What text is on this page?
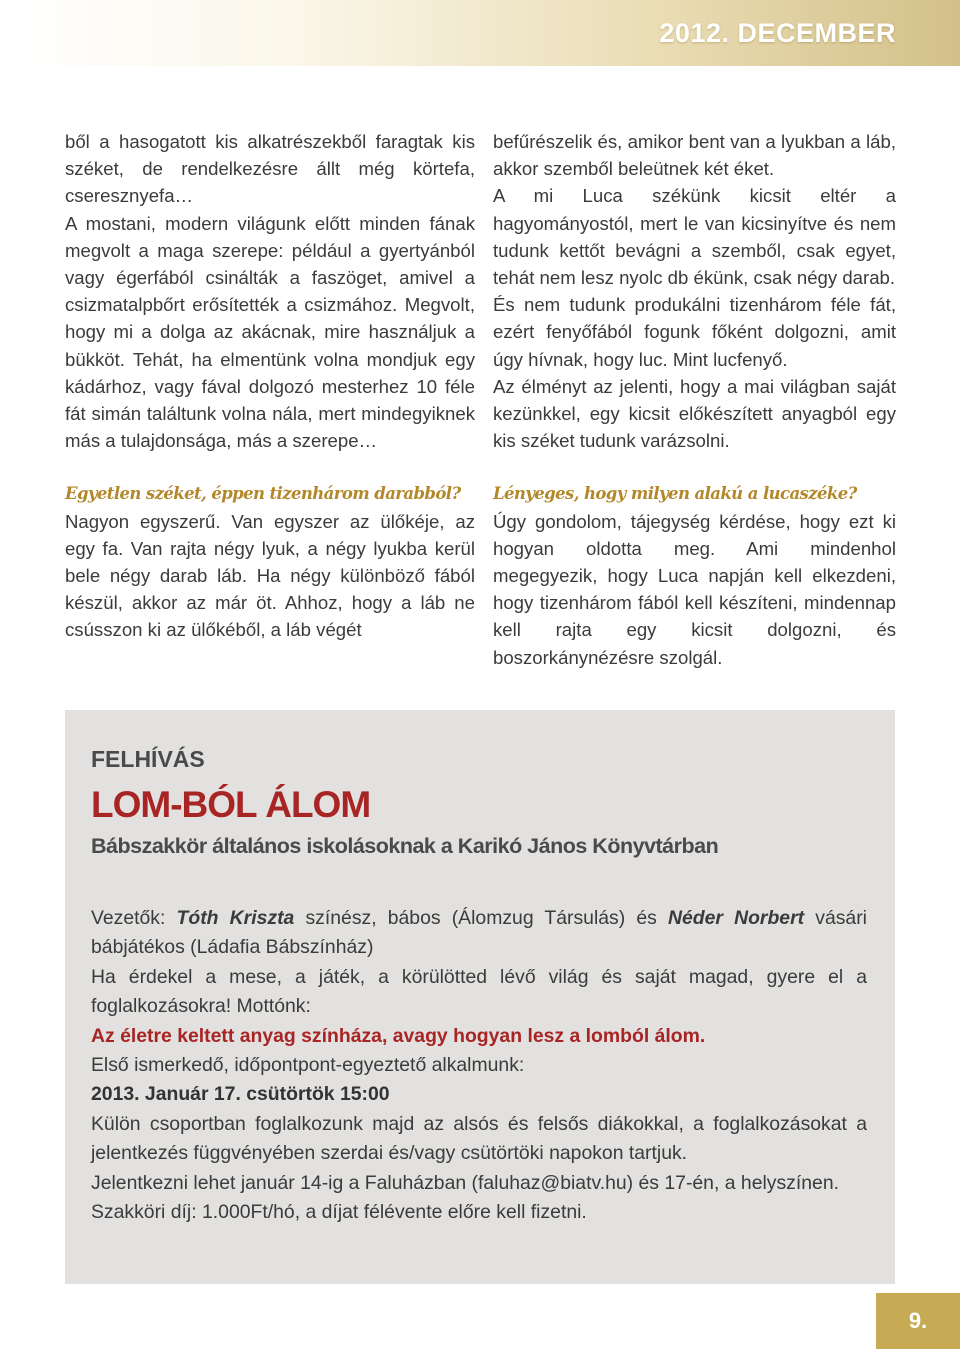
2012. DECEMBER

ből a hasogatott kis alkatrészekből faragtak kis széket, de rendelkezésre állt még körtefa, cseresznyefa…

A mostani, modern világunk előtt minden fának megvolt a maga szerepe: például a gyertyánból vagy égerfából csinálták a faszöget, amivel a csizmatalpbőrt erősítették a csizmához. Megvolt, hogy mi a dolga az akácnak, mire használjuk a bükköt. Tehát, ha elmentünk volna mondjuk egy kádárhoz, vagy fával dolgozó mesterhez 10 féle fát simán találtunk volna nála, mert mindegyiknek más a tulajdonsága, más a szerepe…

Egyetlen széket, éppen tizenhárom darabból?

Nagyon egyszerű. Van egyszer az ülőkéje, az egy fa. Van rajta négy lyuk, a négy lyukba kerül bele négy darab láb. Ha négy különböző fából készül, akkor az már öt. Ahhoz, hogy a láb ne csússzon ki az ülőkéből, a láb végét

befűrészelik és, amikor bent van a lyukban a láb, akkor szemből beleütnek két éket.

A mi Luca székünk kicsit eltér a hagyományostól, mert le van kicsinyítve és nem tudunk kettőt bevágni a szemből, csak egyet, tehát nem lesz nyolc db ékünk, csak négy darab.

És nem tudunk produkálni tizenhárom féle fát, ezért fenyőfából fogunk főként dolgozni, amit úgy hívnak, hogy luc. Mint lucfenyő.

Az élményt az jelenti, hogy a mai világban saját kezünkkel, egy kicsit előkészített anyagból egy kis széket tudunk varázsolni.

Lényeges, hogy milyen alakú a lucaszéke?

Úgy gondolom, tájegység kérdése, hogy ezt ki hogyan oldotta meg. Ami mindenhol megegyezik, hogy Luca napján kell elkezdeni, hogy tizenhárom fából kell készíteni, mindennap kell rajta egy kicsit dolgozni, és boszorkánynézésre szolgál.

FELHÍVÁS
LOM-BÓL ÁLOM
Bábszakkör általános iskolásoknak a Karikó János Könyvtárban

Vezetők: Tóth Kriszta színész, bábos (Álomzug Társulás) és Néder Norbert vásári bábjátékos (Ládafia Bábszínház)

Ha érdekel a mese, a játék, a körülötted lévő világ és saját magad, gyere el a foglalkozásokra! Mottónk:

Az életre keltett anyag színháza, avagy hogyan lesz a lomból álom.

Első ismerkedő, időpontpont-egyeztető alkalmunk:

2013. Január 17. csütörtök 15:00

Külön csoportban foglalkozunk majd az alsós és felsős diákokkal, a foglalkozásokat a jelentkezés függvényében szerdai és/vagy csütörtöki napokon tartjuk.

Jelentkezni lehet január 14-ig a Faluházban (faluhaz@biatv.hu) és 17-én, a helyszínen.

Szakköri díj: 1.000Ft/hó, a díjat félévente előre kell fizetni.

9.
